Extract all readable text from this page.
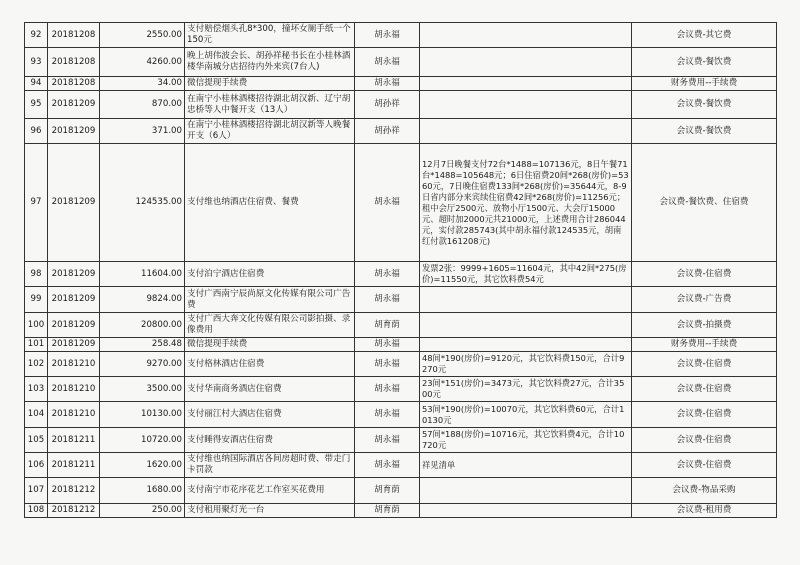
92	20181208	2550.00	支付赔偿烟头孔8*300，撞坏女厕手纸一个150元	胡永福		会议费-其它费
93	20181208	4260.00	晚上胡伟波会长、胡孙祥秘书长在小桂林酒楼华南城分店招待内外来宾(7台人)	胡永福		会议费-餐饮费
94	20181208	34.00	微信提现手续费	胡永福		财务费用--手续费
95	20181209	870.00	在南宁小桂林酒楼招待湖北胡汉新、辽宁胡忠桥等人中餐开支（13人）	胡孙祥		会议费-餐饮费
96	20181209	371.00	在南宁小桂林酒楼招待湖北胡汉新等人晚餐开支（6人）	胡孙祥		会议费-餐饮费
97	20181209	124535.00	支付维也纳酒店住宿费、餐费	胡永福	12月7日晚餐支付72台*1488=107136元，8日午餐71台*1488=105648元；6日住宿费20间*268(房价)=5360元，7日晚住宿费133间*268(房价)=35644元，8-9日省内部分来宾续住宿费42间*268(房价)=11256元；租中会厅2500元、放物小厅1500元、大会厅15000元、超时加2000元共21000元，上述费用合计286044元，实付款285743(其中胡永福付款124535元，胡南红付款161208元)	会议费-餐饮费、住宿费
98	20181209	11604.00	支付泊宁酒店住宿费	胡永福	发票2张：9999+1605=11604元，其中42间*275(房价)=11550元，其它饮料费54元	会议费-住宿费
99	20181209	9824.00	支付广西南宁辰尚原文化传媒有限公司广告费	胡永福		会议费-广告费
100	20181209	20800.00	支付广西大奔文化传媒有限公司影拍摄、录像费用	胡育荫		会议费-拍摄费
101	20181209	258.48	微信提现手续费	胡永福		财务费用--手续费
102	20181210	9270.00	支付格林酒店住宿费	胡永福	48间*190(房价)=9120元，其它饮料费150元，合计9270元	会议费-住宿费
103	20181210	3500.00	支付华南商务酒店住宿费	胡永福	23间*151(房价)=3473元，其它饮料费27元，合计3500元	会议费-住宿费
104	20181210	10130.00	支付丽江村大酒店住宿费	胡永福	53间*190(房价)=10070元，其它饮料费60元，合计10130元	会议费-住宿费
105	20181211	10720.00	支付睡得安酒店住宿费	胡永福	57间*188(房价)=10716元，其它饮料费4元，合计10720元	会议费-住宿费
106	20181211	1620.00	支付维也纳国际酒店各间房超时费、带走门卡罚款	胡永福	祥见清单	会议费-住宿费
107	20181212	1680.00	支付南宁市花序花艺工作室买花费用	胡育荫		会议费-物品采购
108	20181212	250.00	支付租用聚灯光一台	胡育荫		会议费-租用费
